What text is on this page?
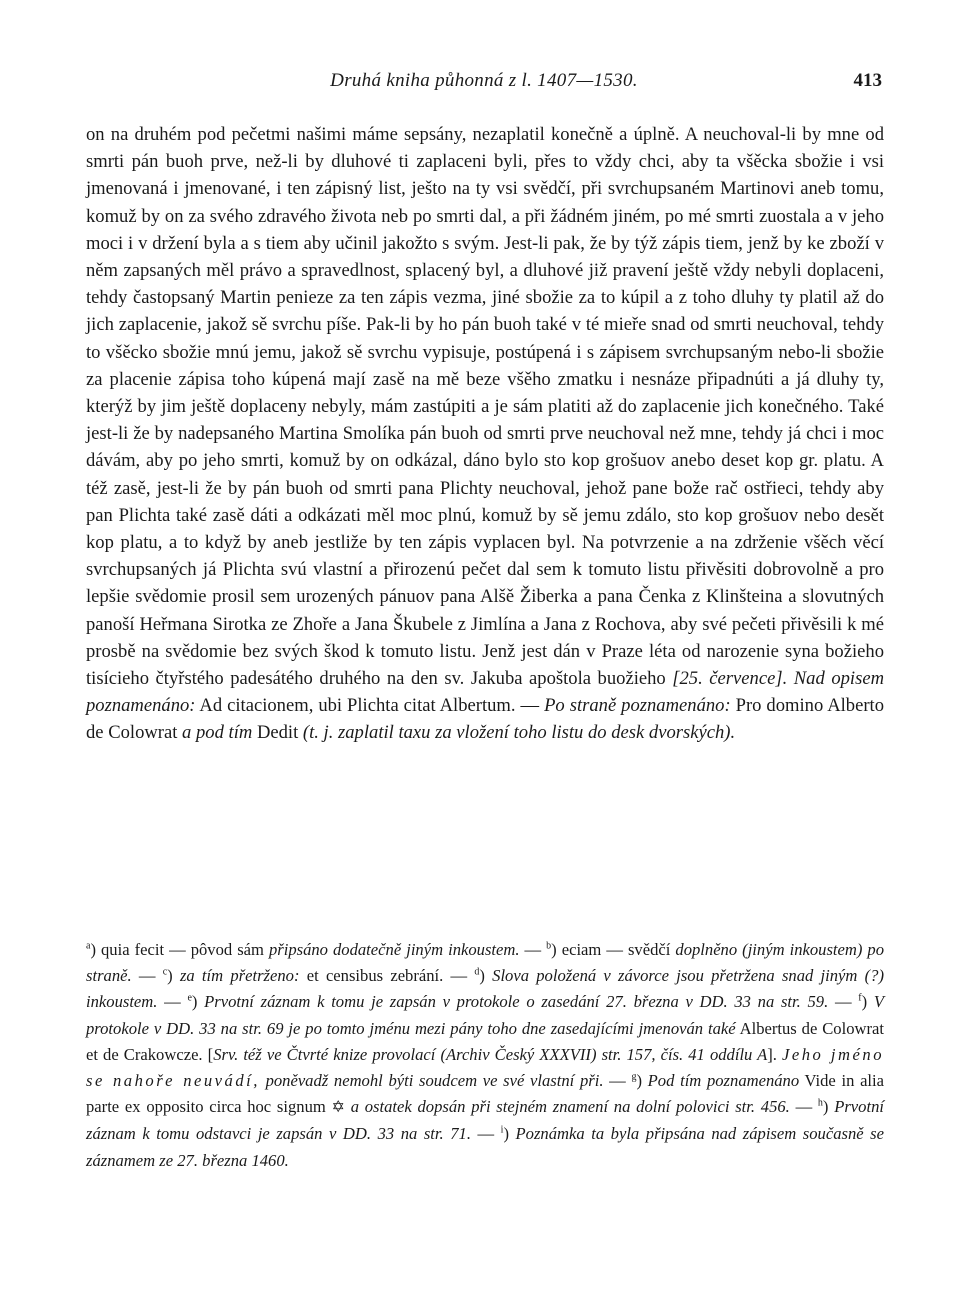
Druhá kniha půhonná z l. 1407—1530.	413

on na druhém pod pečetmi našimi máme sepsány, nezaplatil konečně a úplně. A neuchoval-li by mne od smrti pán buoh prve, než-li by dluhové ti zaplaceni byli, přes to vždy chci, aby ta všěcka sbožie i vsi jmenovaná i jmenované, i ten zápisný list, ješto na ty vsi svědčí, při svrchupsaném Martinovi aneb tomu, komuž by on za svého zdravého života neb po smrti dal, a při žádném jiném, po mé smrti zuostala a v jeho moci i v držení byla a s tiem aby učinil jakožto s svým. Jest-li pak, že by týž zápis tiem, jenž by ke zboží v něm zapsaných měl právo a spravedlnost, splacený byl, a dluhové již pravení ještě vždy nebyli doplaceni, tehdy častopsaný Martin penieze za ten zápis vezma, jiné sbožie za to kúpil a z toho dluhy ty platil až do jich zaplacenie, jakož sě svrchu píše. Pak-li by ho pán buoh také v té mieře snad od smrti neuchoval, tehdy to všěcko sbožie mnú jemu, jakož sě svrchu vypisuje, postúpená i s zápisem svrchupsaným nebo-li sbožie za placenie zápisa toho kúpená mají zasě na mě beze všěho zmatku i nesnáze připadnúti a já dluhy ty, kterýž by jim ještě doplaceny nebyly, mám zastúpiti a je sám platiti až do zaplacenie jich konečného. Také jest-li že by nadepsaného Martina Smolíka pán buoh od smrti prve neuchoval než mne, tehdy já chci i moc dávám, aby po jeho smrti, komuž by on odkázal, dáno bylo sto kop grošuov anebo deset kop gr. platu. A též zasě, jest-li že by pán buoh od smrti pana Plichty neuchoval, jehož pane bože rač ostřieci, tehdy aby pan Plichta také zasě dáti a odkázati měl moc plnú, komuž by sě jemu zdálo, sto kop grošuov nebo desět kop platu, a to když by aneb jestliže by ten zápis vyplacen byl. Na potvrzenie a na zdrženie všěch věcí svrchupsaných já Plichta svú vlastní a přirozenú pečet dal sem k tomuto listu přivěsiti dobrovolně a pro lepšie svědomie prosil sem urozených pánuov pana Alšě Žiberka a pana Čenka z Klinšteina a slovutných panoší Heřmana Sirotka ze Zhoře a Jana Škubele z Jimlína a Jana z Rochova, aby své pečeti přivěsili k mé prosbě na svědomie bez svých škod k tomuto listu. Jenž jest dán v Praze léta od narozenie syna božieho tisícieho čtyřstého padesátého druhého na den sv. Jakuba apoštola buožieho [25. července]. Nad opisem poznamenáno: Ad citacionem, ubi Plichta citat Albertum. — Po straně poznamenáno: Pro domino Alberto de Colowrat a pod tím Dedit (t. j. zaplatil taxu za vložení toho listu do desk dvorských).

$^a$) quia fecit — pôvod sám připsáno dodatečně jiným inkoustem. — $^b$) eciam — svědčí doplněno (jiným inkoustem) po straně. — $^c$) za tím přetrženo: et censibus zebrání. — $^d$) Slova položená v závorce jsou přetržena snad jiným (?) inkoustem. — $^e$) Prvotní záznam k tomu je zapsán v protokole o zasedání 27. března v DD. 33 na str. 59. — $^f$) V protokole v DD. 33 na str. 69 je po tomto jménu mezi pány toho dne zasedajícími jmenován také Albertus de Colowrat et de Crakowcze. [Srv. též ve Čtvrté knize provolací (Archiv Český XXXVII) str. 157, čís. 41 oddílu A]. Jeho jméno se nahoře neuvádí, poněvadž nemohl býti soudcem ve své vlastní při. — $^g$) Pod tím poznamenáno Vide in alia parte ex opposito circa hoc signum ✡ a ostatek dopsán při stejném znamení na dolní polovici str. 456. — $^h$) Prvotní záznam k tomu odstavci je zapsán v DD. 33 na str. 71. — $^i$) Poznámka ta byla připsána nad zápisem současně se záznamem ze 27. března 1460.
